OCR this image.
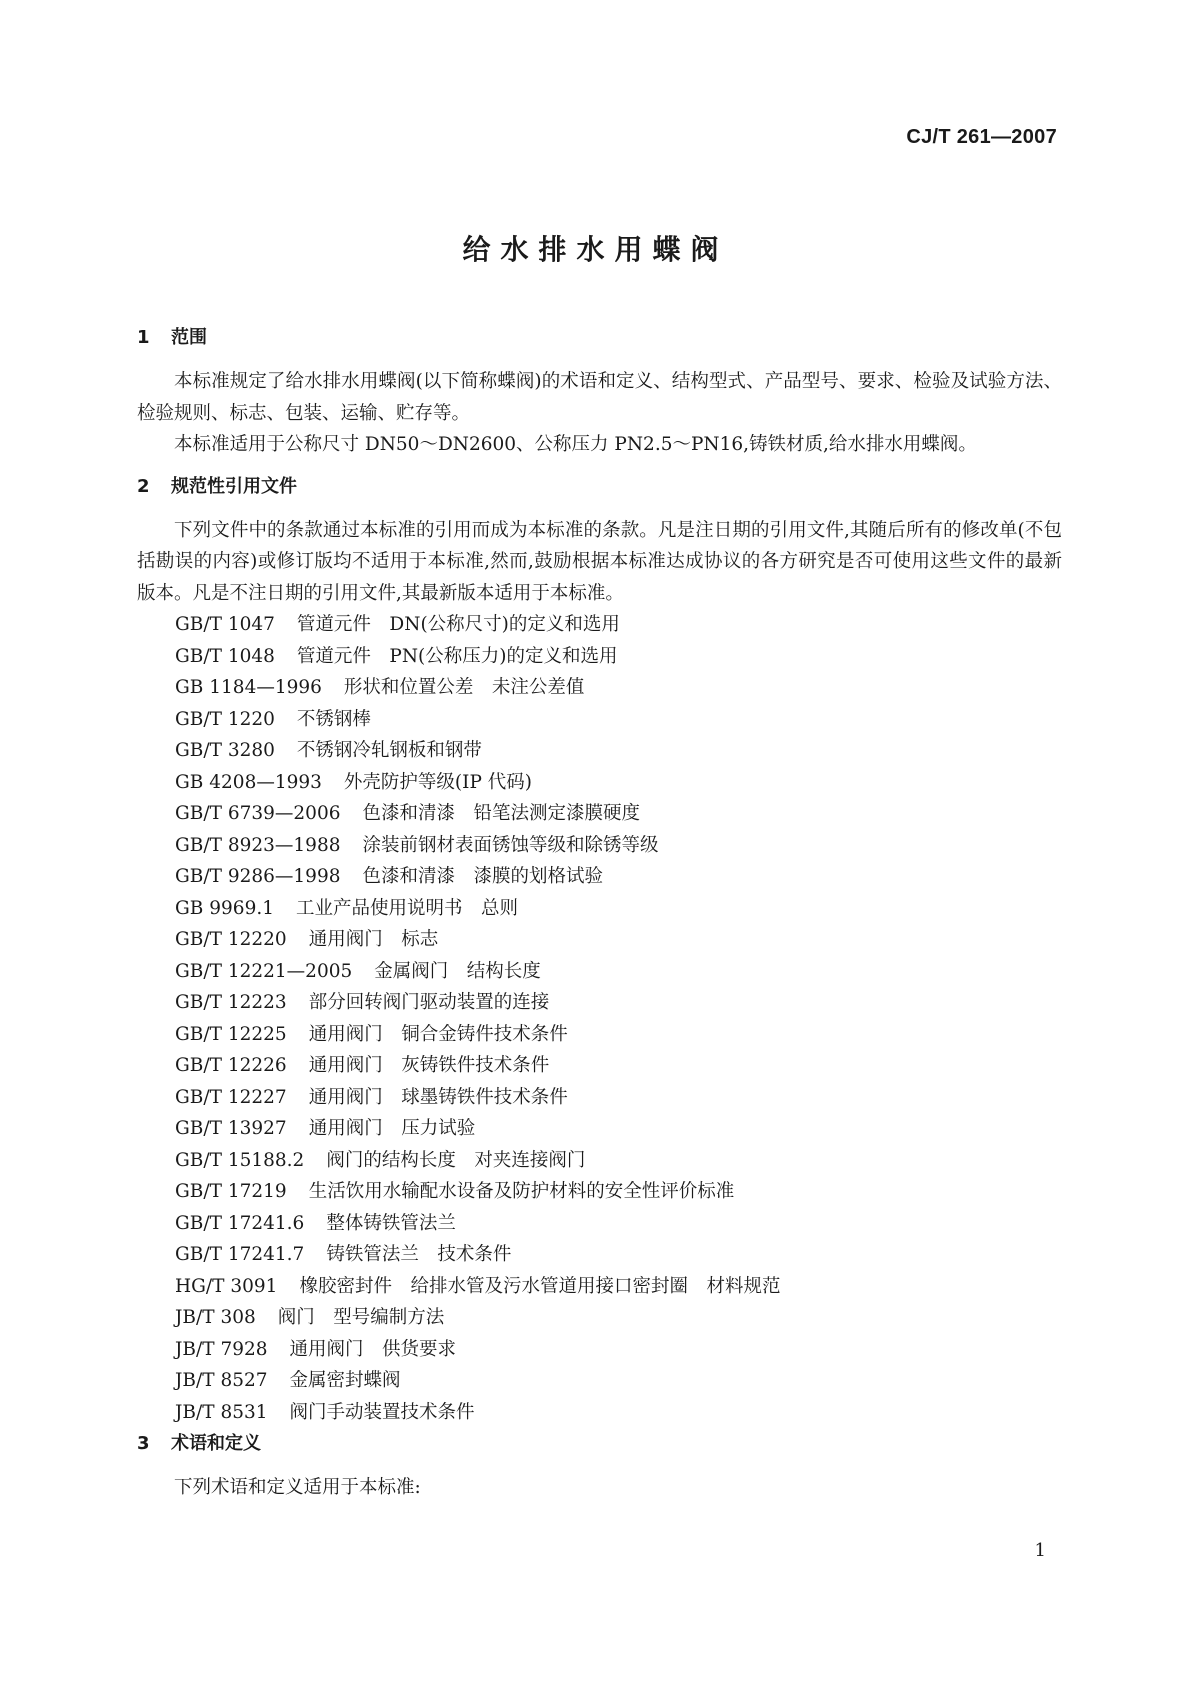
CJ/T 261—2007
给水排水用蝶阀
1 范围
本标准规定了给水排水用蝶阀(以下简称蝶阀)的术语和定义、结构型式、产品型号、要求、检验及试验方法、检验规则、标志、包装、运输、贮存等。
本标准适用于公称尺寸 DN50～DN2600、公称压力 PN2.5～PN16,铸铁材质,给水排水用蝶阀。
2 规范性引用文件
下列文件中的条款通过本标准的引用而成为本标准的条款。凡是注日期的引用文件,其随后所有的修改单(不包括勘误的内容)或修订版均不适用于本标准,然而,鼓励根据本标准达成协议的各方研究是否可使用这些文件的最新版本。凡是不注日期的引用文件,其最新版本适用于本标准。
GB/T 1047 管道元件　DN(公称尺寸)的定义和选用
GB/T 1048 管道元件　PN(公称压力)的定义和选用
GB 1184—1996 形状和位置公差　未注公差值
GB/T 1220 不锈钢棒
GB/T 3280 不锈钢冷轧钢板和钢带
GB 4208—1993 外壳防护等级(IP 代码)
GB/T 6739—2006 色漆和清漆　铅笔法测定漆膜硬度
GB/T 8923—1988 涂装前钢材表面锈蚀等级和除锈等级
GB/T 9286—1998 色漆和清漆　漆膜的划格试验
GB 9969.1 工业产品使用说明书　总则
GB/T 12220 通用阀门　标志
GB/T 12221—2005 金属阀门　结构长度
GB/T 12223 部分回转阀门驱动装置的连接
GB/T 12225 通用阀门　铜合金铸件技术条件
GB/T 12226 通用阀门　灰铸铁件技术条件
GB/T 12227 通用阀门　球墨铸铁件技术条件
GB/T 13927 通用阀门　压力试验
GB/T 15188.2 阀门的结构长度　对夹连接阀门
GB/T 17219 生活饮用水输配水设备及防护材料的安全性评价标准
GB/T 17241.6 整体铸铁管法兰
GB/T 17241.7 铸铁管法兰　技术条件
HG/T 3091 橡胶密封件　给排水管及污水管道用接口密封圈　材料规范
JB/T 308 阀门　型号编制方法
JB/T 7928 通用阀门　供货要求
JB/T 8527 金属密封蝶阀
JB/T 8531 阀门手动装置技术条件
3 术语和定义
下列术语和定义适用于本标准:
1
